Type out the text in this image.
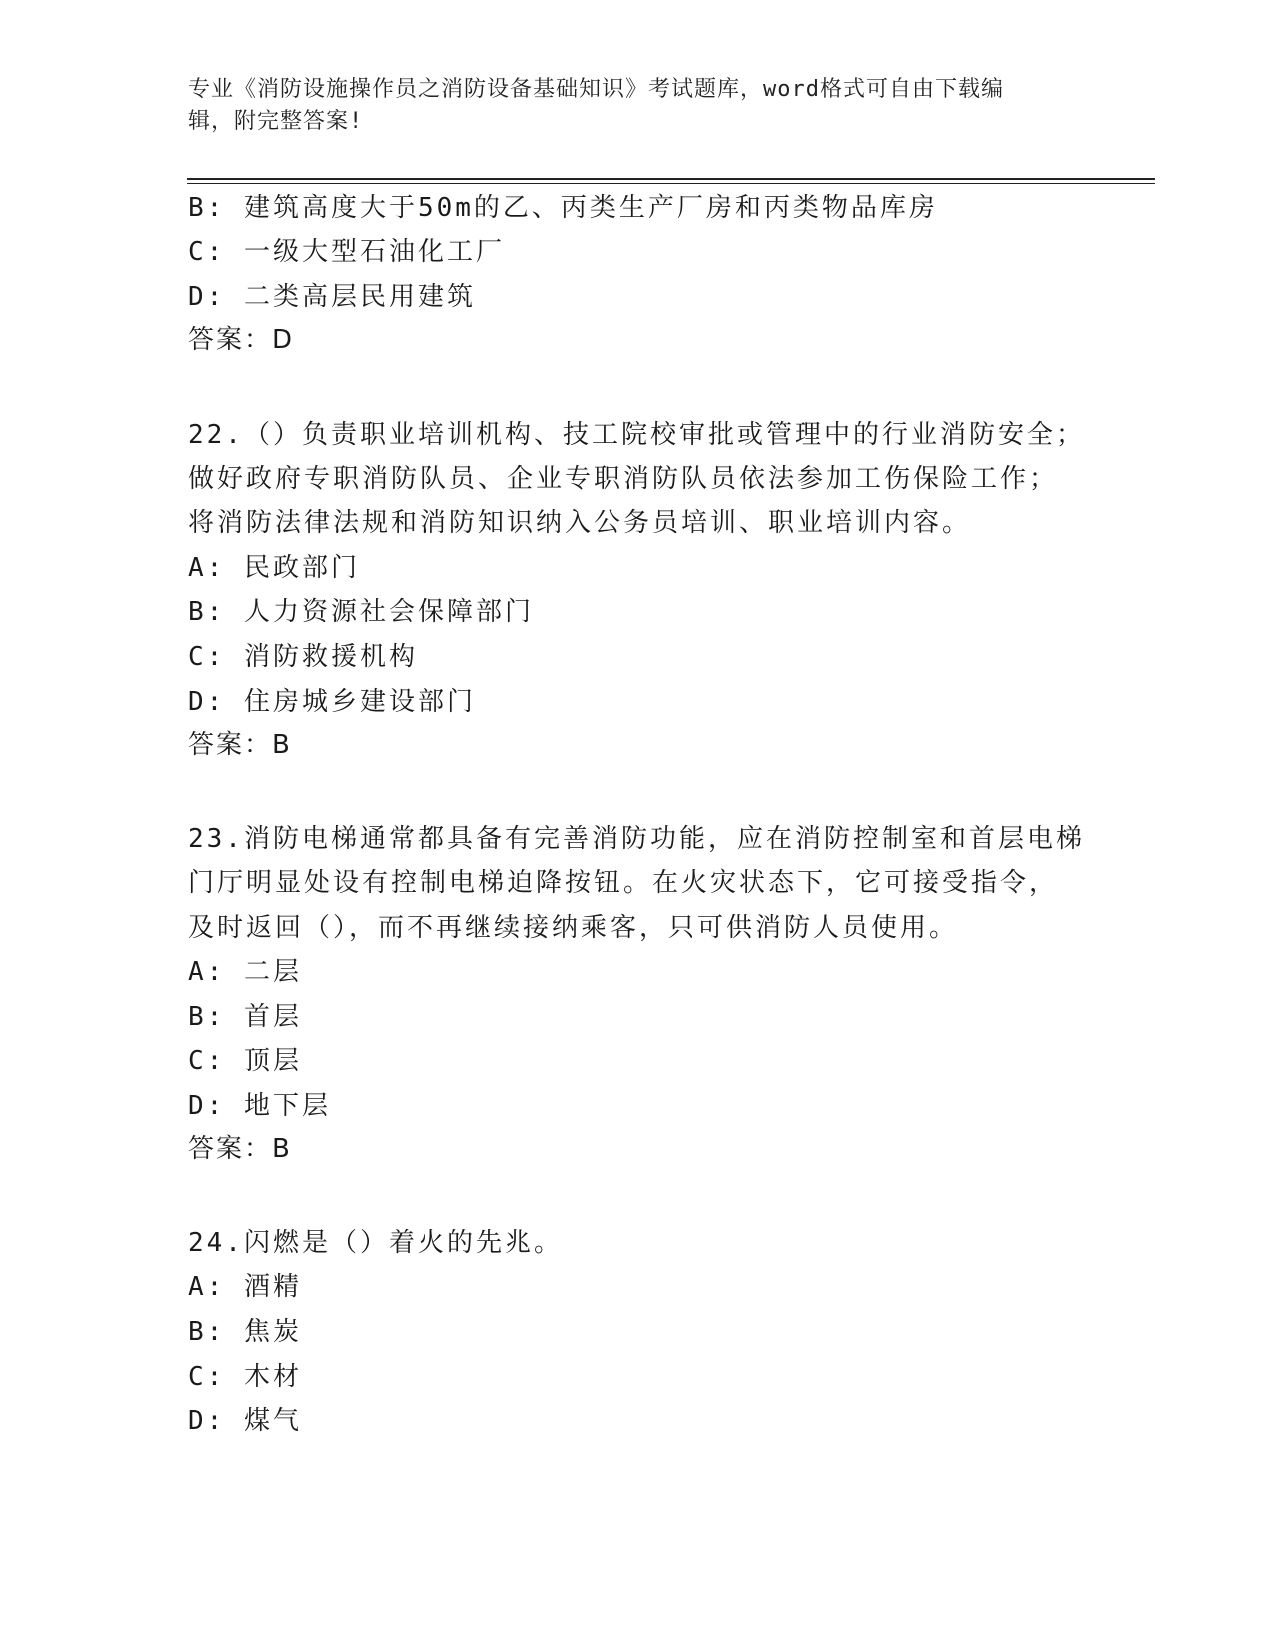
专业《消防设施操作员之消防设备基础知识》考试题库，word格式可自由下载编
辑，附完整答案!
B: 建筑高度大于50m的乙、丙类生产厂房和丙类物品库房
C: 一级大型石油化工厂
D: 二类高层民用建筑
答案：D
22.（）负责职业培训机构、技工院校审批或管理中的行业消防安全；
做好政府专职消防队员、企业专职消防队员依法参加工伤保险工作；
将消防法律法规和消防知识纳入公务员培训、职业培训内容。
A: 民政部门
B: 人力资源社会保障部门
C: 消防救援机构
D: 住房城乡建设部门
答案：B
23.消防电梯通常都具备有完善消防功能，应在消防控制室和首层电梯
门厅明显处设有控制电梯迫降按钮。在火灾状态下，它可接受指令，
及时返回（），而不再继续接纳乘客，只可供消防人员使用。
A: 二层
B: 首层
C: 顶层
D: 地下层
答案：B
24.闪燃是（）着火的先兆。
A: 酒精
B: 焦炭
C: 木材
D: 煤气
